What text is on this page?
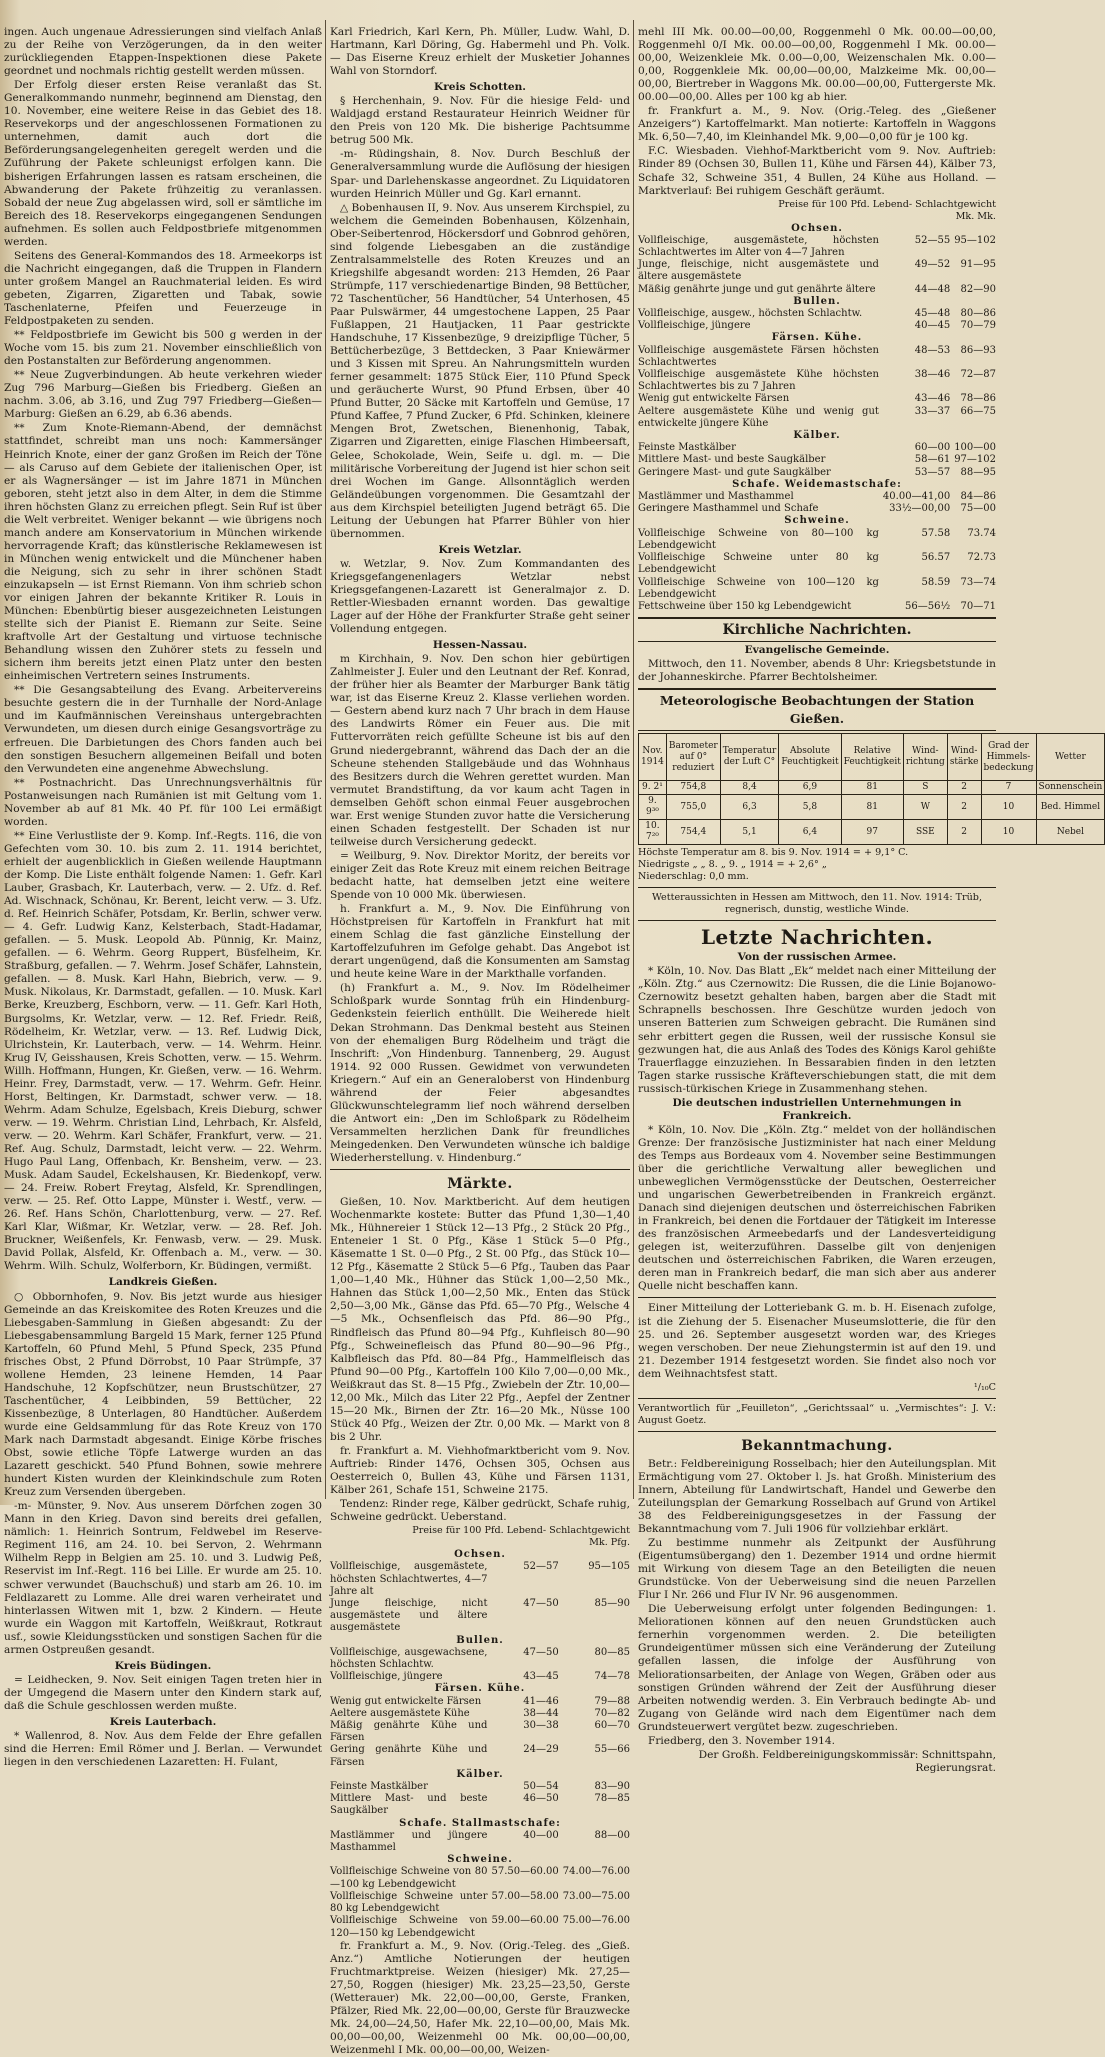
ingen. Auch ungenaue Adressierungen sind vielfach Anlaß zu der Reihe von Verzögerungen, da in den weiter zurückliegenden Etappen-Inspektionen diese Pakete geordnet und nochmals richtig gestellt werden müssen.

Der Erfolg dieser ersten Reise veranlaßt das St. Generalkommando nunmehr, beginnend am Dienstag, den 10. November, eine weitere Reise in das Gebiet des 18. Reservekorps und der angeschlossenen Formationen zu unternehmen, damit auch dort die Beförderungsangelegenheiten geregelt werden und die Zuführung der Pakete schleunigst erfolgen kann. Die bisherigen Erfahrungen lassen es ratsam erscheinen, die Abwanderung der Pakete frühzeitig zu veranlassen. Sobald der neue Zug abgelassen wird, soll er sämtliche im Bereich des 18. Reservekorps eingegangenen Sendungen aufnehmen. Es sollen auch Feldpostbriefe mitgenommen werden.

Seitens des General-Kommandos des 18. Armeekorps ist die Nachricht eingegangen, daß die Truppen in Flandern unter großem Mangel an Rauchmaterial leiden. Es wird gebeten, Zigarren, Zigaretten und Tabak, sowie Taschenlaterne, Pfeifen und Feuerzeuge in Feldpostpaketen zu senden.

** Feldpostbriefe im Gewicht bis 500 g werden in der Woche vom 15. bis zum 21. November einschließlich von den Postanstalten zur Beförderung angenommen.

** Neue Zugverbindungen. Ab heute verkehren wieder Zug 796 Marburg—Gießen bis Friedberg. Gießen an nachm. 3.06, ab 3.16, und Zug 797 Friedberg—Gießen—Marburg: Gießen an 6.29, ab 6.36 abends.

** Zum Knote-Riemann-Abend, der demnächst stattfindet, schreibt man uns noch: Kammersänger Heinrich Knote, einer der ganz Großen im Reich der Töne — als Caruso auf dem Gebiete der italienischen Oper, ist er als Wagnersänger — ist im Jahre 1871 in München geboren, steht jetzt also in dem Alter, in dem die Stimme ihren höchsten Glanz zu erreichen pflegt. Sein Ruf ist über die Welt verbreitet. Weniger bekannt — wie übrigens noch manch andere am Konservatorium in München wirkende hervorragende Kraft; das künstlerische Reklamewesen ist in München wenig entwickelt und die Münchener haben die Neigung, sich zu sehr in ihrer schönen Stadt einzukapseln — ist Ernst Riemann. Von ihm schrieb schon vor einigen Jahren der bekannte Kritiker R. Louis in München: Ebenbürtig bieser ausgezeichneten Leistungen stellte sich der Pianist E. Riemann zur Seite. Seine kraftvolle Art der Gestaltung und virtuose technische Behandlung wissen den Zuhörer stets zu fesseln und sichern ihm bereits jetzt einen Platz unter den besten einheimischen Vertretern seines Instruments.

** Die Gesangsabteilung des Evang. Arbeitervereins besuchte gestern die in der Turnhalle der Nord-Anlage und im Kaufmännischen Vereinshaus untergebrachten Verwundeten, um diesen durch einige Gesangsvorträge zu erfreuen. Die Darbietungen des Chors fanden auch bei den sonstigen Besuchern allgemeinen Beifall und boten den Verwundeten eine angenehme Abwechslung.

** Postnachricht. Das Unrechnungsverhältnis für Postanweisungen nach Rumänien ist mit Geltung vom 1. November ab auf 81 Mk. 40 Pf. für 100 Lei ermäßigt worden.

** Eine Verlustliste der 9. Komp. Inf.-Regts. 116, die von Gefechten vom 30. 10. bis zum 2. 11. 1914 berichtet, erhielt der augenblicklich in Gießen weilende Hauptmann der Komp. Die Liste enthält folgende Namen: 1. Gefr. Karl Lauber, Grasbach, Kr. Lauterbach, verw. — 2. Ufz. d. Ref. Ad. Wischnack, Schönau, Kr. Berent, leicht verw. — 3. Ufz. d. Ref. Heinrich Schäfer, Potsdam, Kr. Berlin, schwer verw. — 4. Gefr. Ludwig Kanz, Kelsterbach, Stadt-Hadamar, gefallen. — 5. Musk. Leopold Ab. Pünnig, Kr. Mainz, gefallen. — 6. Wehrm. Georg Ruppert, Büsfelheim, Kr. Straßburg, gefallen. — 7. Wehrm. Josef Schäfer, Lahnstein, gefallen. — 8. Musk. Karl Hahn, Biebrich, verw. — 9. Musk. Nikolaus, Kr. Darmstadt, gefallen. — 10. Musk. Karl Berke, Kreuzberg, Eschborn, verw. — 11. Gefr. Karl Hoth, Burgsolms, Kr. Wetzlar, verw. — 12. Ref. Friedr. Reiß, Rödelheim, Kr. Wetzlar, verw. — 13. Ref. Ludwig Dick, Ulrichstein, Kr. Lauterbach, verw. — 14. Wehrm. Heinr. Krug IV, Geisshausen, Kreis Schotten, verw. — 15. Wehrm. Willh. Hoffmann, Hungen, Kr. Gießen, verw. — 16. Wehrm. Heinr. Frey, Darmstadt, verw. — 17. Wehrm. Gefr. Heinr. Horst, Beltingen, Kr. Darmstadt, schwer verw. — 18. Wehrm. Adam Schulze, Egelsbach, Kreis Dieburg, schwer verw. — 19. Wehrm. Christian Lind, Lehrbach, Kr. Alsfeld, verw. — 20. Wehrm. Karl Schäfer, Frankfurt, verw. — 21. Ref. Aug. Schulz, Darmstadt, leicht verw. — 22. Wehrm. Hugo Paul Lang, Offenbach, Kr. Bensheim, verw. — 23. Musk. Adam Saudel, Eckelshausen, Kr. Biedenkopf, verw. — 24. Freiw. Robert Freytag, Alsfeld, Kr. Sprendlingen, verw. — 25. Ref. Otto Lappe, Münster i. Westf., verw. — 26. Ref. Hans Schön, Charlottenburg, verw. — 27. Ref. Karl Klar, Wißmar, Kr. Wetzlar, verw. — 28. Ref. Joh. Bruckner, Weißenfels, Kr. Fenwasb, verw. — 29. Musk. David Pollak, Alsfeld, Kr. Offenbach a. M., verw. — 30. Wehrm. Wilh. Schulz, Wolferborn, Kr. Büdingen, vermißt.

Landkreis Gießen.

○ Obbornhofen, 9. Nov. Bis jetzt wurde aus hiesiger Gemeinde an das Kreiskomitee des Roten Kreuzes und die Liebesgaben-Sammlung in Gießen abgesandt: Zu der Liebesgabensammlung Bargeld 15 Mark, ferner 125 Pfund Kartoffeln, 60 Pfund Mehl, 5 Pfund Speck, 235 Pfund frisches Obst, 2 Pfund Dörrobst, 10 Paar Strümpfe, 37 wollene Hemden, 23 leinene Hemden, 14 Paar Handschuhe, 12 Kopfschützer, neun Brustschützer, 27 Taschentücher, 4 Leibbinden, 59 Bettücher, 22 Kissenbezüge, 8 Unterlagen, 80 Handtücher. Außerdem wurde eine Geldsammlung für das Rote Kreuz von 170 Mark nach Darmstadt abgesandt. Einige Körbe frisches Obst, sowie etliche Töpfe Latwerge wurden an das Lazarett geschickt. 540 Pfund Bohnen, sowie mehrere hundert Kisten wurden der Kleinkindschule zum Roten Kreuz zum Versenden übergeben.

-m- Münster, 9. Nov. Aus unserem Dörfchen zogen 30 Mann in den Krieg. Davon sind bereits drei gefallen, nämlich: 1. Heinrich Sontrum, Feldwebel im Reserve-Regiment 116, am 24. 10. bei Servon, 2. Wehrmann Wilhelm Repp in Belgien am 25. 10. und 3. Ludwig Peß, Reservist im Inf.-Regt. 116 bei Lille. Er wurde am 25. 10. schwer verwundet (Bauchschuß) und starb am 26. 10. im Feldlazarett zu Lomme. Alle drei waren verheiratet und hinterlassen Witwen mit 1, bzw. 2 Kindern. — Heute wurde ein Waggon mit Kartoffeln, Weißkraut, Rotkraut usf., sowie Kleidungsstücken und sonstigen Sachen für die armen Ostpreußen gesandt.

Kreis Büdingen.

= Leidhecken, 9. Nov. Seit einigen Tagen treten hier in der Umgegend die Masern unter den Kindern stark auf, daß die Schule geschlossen werden mußte.

Kreis Lauterbach.

* Wallenrod, 8. Nov. Aus dem Felde der Ehre gefallen sind die Herren: Emil Römer und J. Berlan. — Verwundet liegen in den verschiedenen Lazaretten: H. Fulant,

Karl Friedrich, Karl Kern, Ph. Müller, Ludw. Wahl, D. Hartmann, Karl Döring, Gg. Habermehl und Ph. Volk. — Das Eiserne Kreuz erhielt der Musketier Johannes Wahl von Storndorf.

Kreis Schotten.

§ Herchenhain, 9. Nov. Für die hiesige Feld- und Waldjagd erstand Restaurateur Heinrich Weidner für den Preis von 120 Mk. Die bisherige Pachtsumme betrug 500 Mk.

-m- Rüdingshain, 8. Nov. Durch Beschluß der Generalversammlung wurde die Auflösung der hiesigen Spar- und Darlehenskasse angeordnet. Zu Liquidatoren wurden Heinrich Müller und Gg. Karl ernannt.

△ Bobenhausen II, 9. Nov. Aus unserem Kirchspiel, zu welchem die Gemeinden Bobenhausen, Kölzenhain, Ober-Seibertenrod, Höckersdorf und Gobnrod gehören, sind folgende Liebesgaben an die zuständige Zentralsammelstelle des Roten Kreuzes und an Kriegshilfe abgesandt worden: 213 Hemden, 26 Paar Strümpfe, 117 verschiedenartige Binden, 98 Bettücher, 72 Taschentücher, 56 Handtücher, 54 Unterhosen, 45 Paar Pulswärmer, 44 umgestochene Lappen, 25 Paar Fußlappen, 21 Hautjacken, 11 Paar gestrickte Handschuhe, 17 Kissenbezüge, 9 dreizipflige Tücher, 5 Bettücherbezüge, 3 Bettdecken, 3 Paar Kniewärmer und 3 Kissen mit Spreu. An Nahrungsmitteln wurden ferner gesammelt: 1875 Stück Eier, 110 Pfund Speck und geräucherte Wurst, 90 Pfund Erbsen, über 40 Pfund Butter, 20 Säcke mit Kartoffeln und Gemüse, 17 Pfund Kaffee, 7 Pfund Zucker, 6 Pfd. Schinken, kleinere Mengen Brot, Zwetschen, Bienenhonig, Tabak, Zigarren und Zigaretten, einige Flaschen Himbeersaft, Gelee, Schokolade, Wein, Seife u. dgl. m. — Die militärische Vorbereitung der Jugend ist hier schon seit drei Wochen im Gange. Allsonntäglich werden Geländeübungen vorgenommen. Die Gesamtzahl der aus dem Kirchspiel beteiligten Jugend beträgt 65. Die Leitung der Uebungen hat Pfarrer Bühler von hier übernommen.

Kreis Wetzlar.

w. Wetzlar, 9. Nov. Zum Kommandanten des Kriegsgefangenenlagers Wetzlar nebst Kriegsgefangenen-Lazarett ist Generalmajor z. D. Rettler-Wiesbaden ernannt worden. Das gewaltige Lager auf der Höhe der Frankfurter Straße geht seiner Vollendung entgegen.

Hessen-Nassau.

m Kirchhain, 9. Nov. Den schon hier gebürtigen Zahlmeister J. Euler und den Leutnant der Ref. Konrad, der früher hier als Beamter der Marburger Bank tätig war, ist das Eiserne Kreuz 2. Klasse verliehen worden. — Gestern abend kurz nach 7 Uhr brach in dem Hause des Landwirts Römer ein Feuer aus. Die mit Futtervorräten reich gefüllte Scheune ist bis auf den Grund niedergebrannt, während das Dach der an die Scheune stehenden Stallgebäude und das Wohnhaus des Besitzers durch die Wehren gerettet wurden. Man vermutet Brandstiftung, da vor kaum acht Tagen in demselben Gehöft schon einmal Feuer ausgebrochen war. Erst wenige Stunden zuvor hatte die Versicherung einen Schaden festgestellt. Der Schaden ist nur teilweise durch Versicherung gedeckt.

= Weilburg, 9. Nov. Direktor Moritz, der bereits vor einiger Zeit das Rote Kreuz mit einem reichen Beitrage bedacht hatte, hat demselben jetzt eine weitere Spende von 10 000 Mk. überwiesen.

h. Frankfurt a. M., 9. Nov. Die Einführung von Höchstpreisen für Kartoffeln in Frankfurt hat mit einem Schlag die fast gänzliche Einstellung der Kartoffelzufuhren im Gefolge gehabt. Das Angebot ist derart ungenügend, daß die Konsumenten am Samstag und heute keine Ware in der Markthalle vorfanden.

(h) Frankfurt a. M., 9. Nov. Im Rödelheimer Schloßpark wurde Sonntag früh ein Hindenburg-Gedenkstein feierlich enthüllt. Die Weiherede hielt Dekan Strohmann. Das Denkmal besteht aus Steinen von der ehemaligen Burg Rödelheim und trägt die Inschrift: „Von Hindenburg. Tannenberg, 29. August 1914. 92 000 Russen. Gewidmet von verwundeten Kriegern.“ Auf ein an Generaloberst von Hindenburg während der Feier abgesandtes Glückwunschtelegramm lief noch während derselben die Antwort ein: „Den im Schloßpark zu Rödelheim Versammelten herzlichen Dank für freundliches Meingedenken. Den Verwundeten wünsche ich baldige Wiederherstellung. v. Hindenburg.“

Märkte.

Gießen, 10. Nov. Marktbericht. Auf dem heutigen Wochenmarkte kostete: Butter das Pfund 1,30—1,40 Mk., Hühnereier 1 Stück 12—13 Pfg., 2 Stück 20 Pfg., Enteneier 1 St. 0 Pfg., Käse 1 Stück 5—0 Pfg., Käsematte 1 St. 0—0 Pfg., 2 St. 00 Pfg., das Stück 10—12 Pfg., Käsematte 2 Stück 5—6 Pfg., Tauben das Paar 1,00—1,40 Mk., Hühner das Stück 1,00—2,50 Mk., Hahnen das Stück 1,00—2,50 Mk., Enten das Stück 2,50—3,00 Mk., Gänse das Pfd. 65—70 Pfg., Welsche 4—5 Mk., Ochsenfleisch das Pfd. 86—90 Pfg., Rindfleisch das Pfund 80—94 Pfg., Kuhfleisch 80—90 Pfg., Schweinefleisch das Pfund 80—90—96 Pfg., Kalbfleisch das Pfd. 80—84 Pfg., Hammelfleisch das Pfund 90—00 Pfg., Kartoffeln 100 Kilo 7,00—0,00 Mk., Weißkraut das St. 8—15 Pfg., Zwiebeln der Ztr. 10,00—12,00 Mk., Milch das Liter 22 Pfg., Aepfel der Zentner 15—20 Mk., Birnen der Ztr. 16—20 Mk., Nüsse 100 Stück 40 Pfg., Weizen der Ztr. 0,00 Mk. — Markt von 8 bis 2 Uhr.

fr. Frankfurt a. M. Viehhofmarktbericht vom 9. Nov. Auftrieb: Rinder 1476, Ochsen 305, Ochsen aus Oesterreich 0, Bullen 43, Kühe und Färsen 1131, Kälber 261, Schafe 151, Schweine 2175.

Tendenz: Rinder rege, Kälber gedrückt, Schafe ruhig, Schweine gedrückt. Ueberstand.

Preise für 100 Pfd. Lebend- Schlachtgewicht
Mk. Pfg.
Ochsen.		
Vollfleischige, ausgemästete, höchsten Schlachtwertes, 4—7 Jahre alt	52—57	95—105
Junge fleischige, nicht ausgemästete und ältere ausgemästete	47—50	85—90
Bullen.		
Vollfleischige, ausgewachsene, höchsten Schlachtw.	47—50	80—85
Vollfleischige, jüngere	43—45	74—78
Färsen. Kühe.		
Wenig gut entwickelte Färsen	41—46	79—88
Aeltere ausgemästete Kühe	38—44	70—82
Mäßig genährte Kühe und Färsen	30—38	60—70
Gering genährte Kühe und Färsen	24—29	55—66
Kälber.		
Feinste Mastkälber	50—54	83—90
Mittlere Mast- und beste Saugkälber	46—50	78—85
Schafe. Stallmastschafe:		
Mastlämmer und jüngere Masthammel	40—00	88—00
Schweine.		
Vollfleischige Schweine von 80—100 kg Lebendgewicht	57.50—60.00	74.00—76.00
Vollfleischige Schweine unter 80 kg Lebendgewicht	57.00—58.00	73.00—75.00
Vollfleischige Schweine von 120—150 kg Lebendgewicht	59.00—60.00	75.00—76.00

fr. Frankfurt a. M., 9. Nov. (Orig.-Teleg. des „Gieß. Anz.“) Amtliche Notierungen der heutigen Fruchtmarktpreise. Weizen (hiesiger) Mk. 27,25—27,50, Roggen (hiesiger) Mk. 23,25—23,50, Gerste (Wetterauer) Mk. 22,00—00,00, Gerste, Franken, Pfälzer, Ried Mk. 22,00—00,00, Gerste für Brauzwecke Mk. 24,00—24,50, Hafer Mk. 22,10—00,00, Mais Mk. 00,00—00,00, Weizenmehl 00 Mk. 00,00—00,00, Weizenmehl I Mk. 00,00—00,00, Weizen-

mehl III Mk. 00.00—00,00, Roggenmehl 0 Mk. 00.00—00,00, Roggenmehl 0/I Mk. 00.00—00,00, Roggenmehl I Mk. 00.00—00,00, Weizenkleie Mk. 0.00—0,00, Weizenschalen Mk. 0.00—0,00, Roggenkleie Mk. 00,00—00,00, Malzkeime Mk. 00,00—00,00, Biertreber in Waggons Mk. 00.00—00,00, Futtergerste Mk. 00.00—00,00. Alles per 100 kg ab hier.

fr. Frankfurt a. M., 9. Nov. (Orig.-Teleg. des „Gießener Anzeigers“) Kartoffelmarkt. Man notierte: Kartoffeln in Waggons Mk. 6,50—7,40, im Kleinhandel Mk. 9,00—0,00 für je 100 kg.

F.C. Wiesbaden. Viehhof-Marktbericht vom 9. Nov. Auftrieb: Rinder 89 (Ochsen 30, Bullen 11, Kühe und Färsen 44), Kälber 73, Schafe 32, Schweine 351, 4 Bullen, 24 Kühe aus Holland. — Marktverlauf: Bei ruhigem Geschäft geräumt.

Preise für 100 Pfd. Lebend- Schlachtgewicht
Mk. Mk.
Ochsen.		
Vollfleischige, ausgemästete, höchsten Schlachtwertes im Alter von 4—7 Jahren	52—55	95—102
Junge, fleischige, nicht ausgemästete und ältere ausgemästete	49—52	91—95
Mäßig genährte junge und gut genährte ältere	44—48	82—90
Bullen.		
Vollfleischige, ausgew., höchsten Schlachtw.	45—48	80—86
Vollfleischige, jüngere	40—45	70—79
Färsen. Kühe.		
Vollfleischige ausgemästete Färsen höchsten Schlachtwertes	48—53	86—93
Vollfleischige ausgemästete Kühe höchsten Schlachtwertes bis zu 7 Jahren	38—46	72—87
Wenig gut entwickelte Färsen	43—46	78—86
Aeltere ausgemästete Kühe und wenig gut entwickelte jüngere Kühe	33—37	66—75
Kälber.		
Feinste Mastkälber	60—00	100—00
Mittlere Mast- und beste Saugkälber	58—61	97—102
Geringere Mast- und gute Saugkälber	53—57	88—95
Schafe. Weidemastschafe:		
Mastlämmer und Masthammel	40.00—41,00	84—86
Geringere Masthammel und Schafe	33½—00,00	75—00
Schweine.		
Vollfleischige Schweine von 80—100 kg Lebendgewicht	57.58	73.74
Vollfleischige Schweine unter 80 kg Lebendgewicht	56.57	72.73
Vollfleischige Schweine von 100—120 kg Lebendgewicht	58.59	73—74
Fettschweine über 150 kg Lebendgewicht	56—56½	70—71
Kirchliche Nachrichten.
Evangelische Gemeinde.

Mittwoch, den 11. November, abends 8 Uhr: Kriegsbetstunde in der Johanneskirche. Pfarrer Bechtolsheimer.

Meteorologische Beobachtungen der Station Gießen.
Nov. 1914	Barometer auf 0° reduziert	Temperatur der Luft C°	Absolute Feuchtigkeit	Relative Feuchtigkeit	Wind-richtung	Wind-stärke	Grad der Himmels-bedeckung	Wetter
9. 2¹	754,8	8,4	6,9	81	S	2	7	Sonnenschein
9. 9³⁰	755,0	6,3	5,8	81	W	2	10	Bed. Himmel
10. 7²⁰	754,4	5,1	6,4	97	SSE	2	10	Nebel
Höchste Temperatur am 8. bis 9. Nov. 1914 = + 9,1° C.
Niedrigste „ „ 8. „ 9. „ 1914 = + 2,6° „
Niederschlag: 0,0 mm.
Wetteraussichten in Hessen am Mittwoch, den 11. Nov. 1914: Trüb, regnerisch, dunstig, westliche Winde.
Letzte Nachrichten.
Von der russischen Armee.

* Köln, 10. Nov. Das Blatt „Ek“ meldet nach einer Mitteilung der „Köln. Ztg.“ aus Czernowitz: Die Russen, die die Linie Bojanowo-Czernowitz besetzt gehalten haben, bargen aber die Stadt mit Schrapnells beschossen. Ihre Geschütze wurden jedoch von unseren Batterien zum Schweigen gebracht. Die Rumänen sind sehr erbittert gegen die Russen, weil der russische Konsul sie gezwungen hat, die aus Anlaß des Todes des Königs Karol gehißte Trauerflagge einzuziehen. In Bessarabien finden in den letzten Tagen starke russische Kräfteverschiebungen statt, die mit dem russisch-türkischen Kriege in Zusammenhang stehen.

Die deutschen industriellen Unternehmungen in Frankreich.

* Köln, 10. Nov. Die „Köln. Ztg.“ meldet von der holländischen Grenze: Der französische Justizminister hat nach einer Meldung des Temps aus Bordeaux vom 4. November seine Bestimmungen über die gerichtliche Verwaltung aller beweglichen und unbeweglichen Vermögensstücke der Deutschen, Oesterreicher und ungarischen Gewerbetreibenden in Frankreich ergänzt. Danach sind diejenigen deutschen und österreichischen Fabriken in Frankreich, bei denen die Fortdauer der Tätigkeit im Interesse des französischen Armeebedarfs und der Landesverteidigung gelegen ist, weiterzuführen. Dasselbe gilt von denjenigen deutschen und österreichischen Fabriken, die Waren erzeugen, deren man in Frankreich bedarf, die man sich aber aus anderer Quelle nicht beschaffen kann.

Einer Mitteilung der Lotteriebank G. m. b. H. Eisenach zufolge, ist die Ziehung der 5. Eisenacher Museumslotterie, die für den 25. und 26. September ausgesetzt worden war, des Krieges wegen verschoben. Der neue Ziehungstermin ist auf den 19. und 21. Dezember 1914 festgesetzt worden. Sie findet also noch vor dem Weihnachtsfest statt.

¹/₁₀C
Verantwortlich für „Feuilleton“, „Gerichtssaal“ u. „Vermischtes“: J. V.: August Goetz.
Bekanntmachung.

Betr.: Feldbereinigung Rosselbach; hier den Auteilungsplan. Mit Ermächtigung vom 27. Oktober l. Js. hat Großh. Ministerium des Innern, Abteilung für Landwirtschaft, Handel und Gewerbe den Zuteilungsplan der Gemarkung Rosselbach auf Grund von Artikel 38 des Feldbereinigungsgesetzes in der Fassung der Bekanntmachung vom 7. Juli 1906 für vollziehbar erklärt.

Zu bestimme nunmehr als Zeitpunkt der Ausführung (Eigentumsübergang) den 1. Dezember 1914 und ordne hiermit mit Wirkung von diesem Tage an den Beteiligten die neuen Grundstücke. Von der Ueberweisung sind die neuen Parzellen Flur I Nr. 266 und Flur IV Nr. 96 ausgenommen.

Die Ueberweisung erfolgt unter folgenden Bedingungen: 1. Meliorationen können auf den neuen Grundstücken auch fernerhin vorgenommen werden. 2. Die beteiligten Grundeigentümer müssen sich eine Veränderung der Zuteilung gefallen lassen, die infolge der Ausführung von Meliorationsarbeiten, der Anlage von Wegen, Gräben oder aus sonstigen Gründen während der Zeit der Ausführung dieser Arbeiten notwendig werden. 3. Ein Verbrauch bedingte Ab- und Zugang von Gelände wird nach dem Eigentümer nach dem Grundsteuerwert vergütet bezw. zugeschrieben.

Friedberg, den 3. November 1914.

Der Großh. Feldbereinigungskommissär: Schnittspahn, Regierungsrat.
